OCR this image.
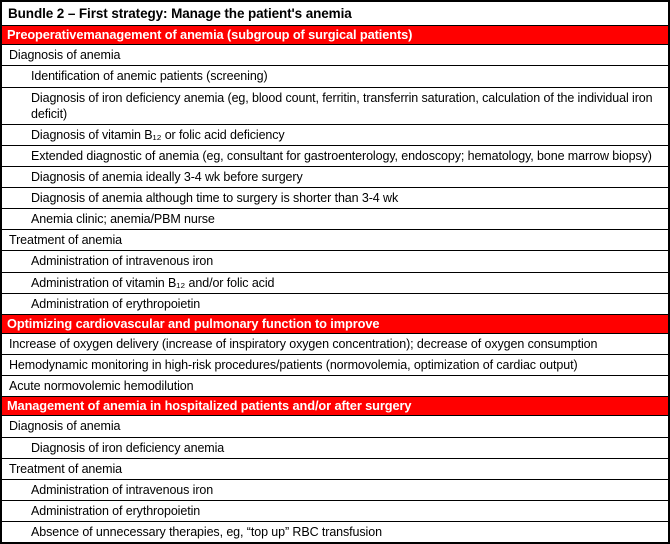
Bundle 2 – First strategy: Manage the patient's anemia
Preoperativemanagement of anemia (subgroup of surgical patients)
Diagnosis of anemia
Identification of anemic patients (screening)
Diagnosis of iron deficiency anemia (eg, blood count, ferritin, transferrin saturation, calculation of the individual iron deficit)
Diagnosis of vitamin B₁₂ or folic acid deficiency
Extended diagnostic of anemia (eg, consultant for gastroenterology, endoscopy; hematology, bone marrow biopsy)
Diagnosis of anemia ideally 3-4 wk before surgery
Diagnosis of anemia although time to surgery is shorter than 3-4 wk
Anemia clinic; anemia/PBM nurse
Treatment of anemia
Administration of intravenous iron
Administration of vitamin B₁₂ and/or folic acid
Administration of erythropoietin
Optimizing cardiovascular and pulmonary function to improve
Increase of oxygen delivery (increase of inspiratory oxygen concentration); decrease of oxygen consumption
Hemodynamic monitoring in high-risk procedures/patients (normovolemia, optimization of cardiac output)
Acute normovolemic hemodilution
Management of anemia in hospitalized patients and/or after surgery
Diagnosis of anemia
Diagnosis of iron deficiency anemia
Treatment of anemia
Administration of intravenous iron
Administration of erythropoietin
Absence of unnecessary therapies, eg, “top up” RBC transfusion
